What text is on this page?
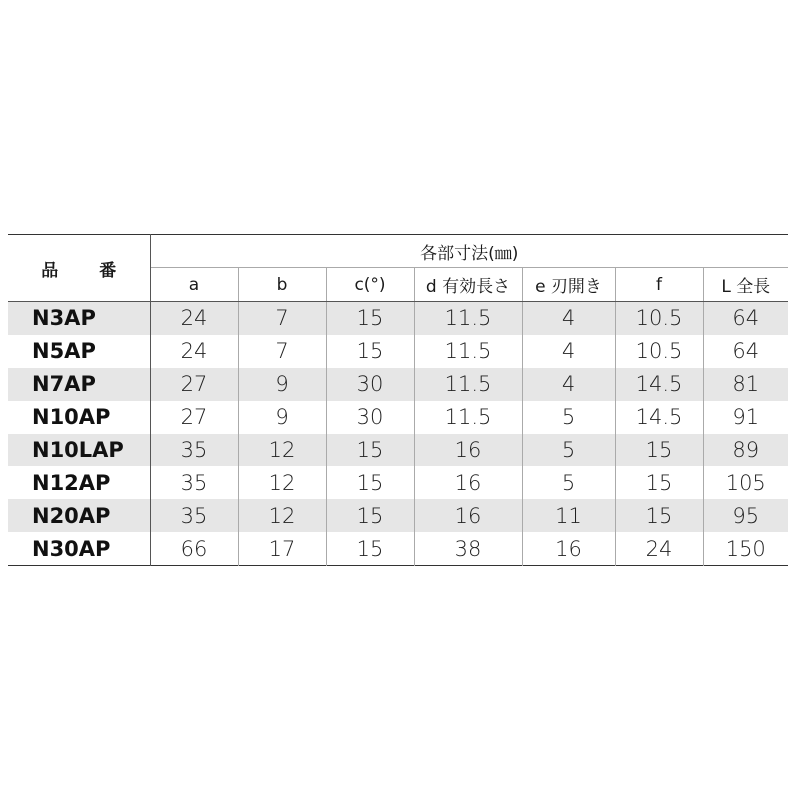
品　番	各部寸法(㎜)						
	a	b	c(°)	d 有効長さ	e 刃開き	f	L 全長
N3AP	24	7	15	11.5	4	10.5	64
N5AP	24	7	15	11.5	4	10.5	64
N7AP	27	9	30	11.5	4	14.5	81
N10AP	27	9	30	11.5	5	14.5	91
N10LAP	35	12	15	16	5	15	89
N12AP	35	12	15	16	5	15	105
N20AP	35	12	15	16	11	15	95
N30AP	66	17	15	38	16	24	150
